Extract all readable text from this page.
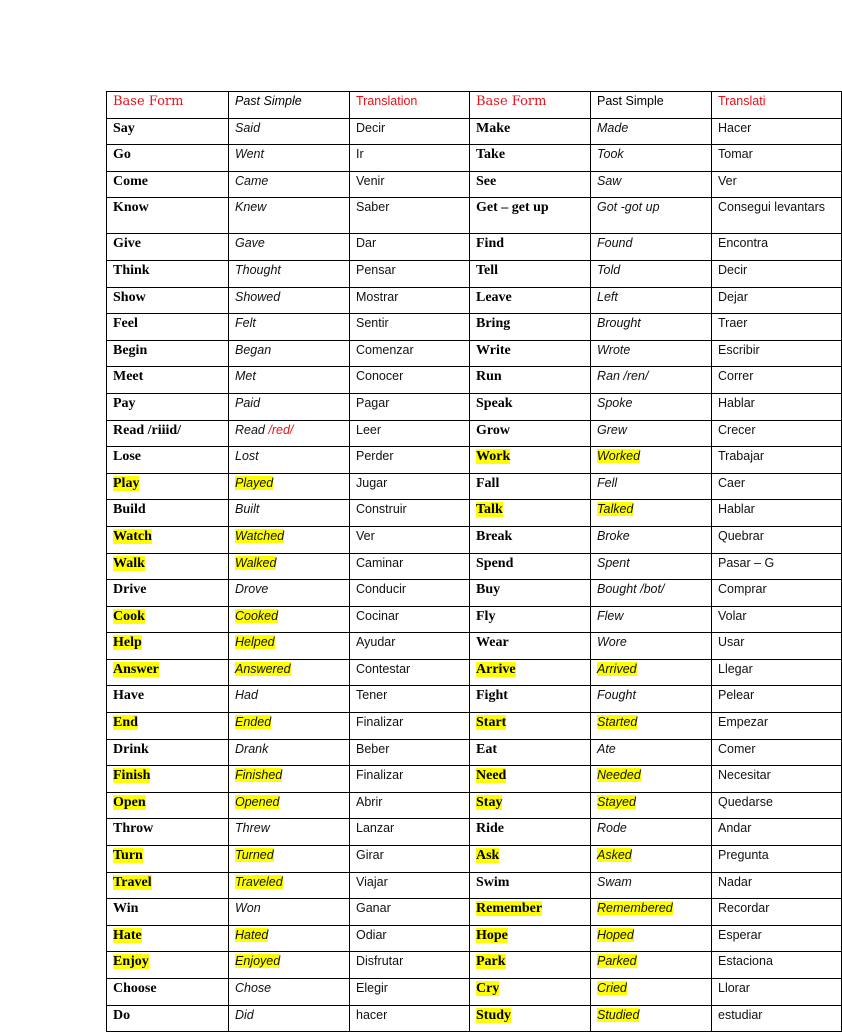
Base Form	Past Simple	Translation	Base Form	Past Simple	Translati
Say	Said	Decir	Make	Made	Hacer
Go	Went	Ir	Take	Took	Tomar
Come	Came	Venir	See	Saw	Ver
Know	Knew	Saber	Get – get up	Got -got up	Consegui levantars
Give	Gave	Dar	Find	Found	Encontra
Think	Thought	Pensar	Tell	Told	Decir
Show	Showed	Mostrar	Leave	Left	Dejar
Feel	Felt	Sentir	Bring	Brought	Traer
Begin	Began	Comenzar	Write	Wrote	Escribir
Meet	Met	Conocer	Run	Ran /ren/	Correr
Pay	Paid	Pagar	Speak	Spoke	Hablar
Read /riiid/	Read /red/	Leer	Grow	Grew	Crecer
Lose	Lost	Perder	Work	Worked	Trabajar
Play	Played	Jugar	Fall	Fell	Caer
Build	Built	Construir	Talk	Talked	Hablar
Watch	Watched	Ver	Break	Broke	Quebrar
Walk	Walked	Caminar	Spend	Spent	Pasar – G
Drive	Drove	Conducir	Buy	Bought /bot/	Comprar
Cook	Cooked	Cocinar	Fly	Flew	Volar
Help	Helped	Ayudar	Wear	Wore	Usar
Answer	Answered	Contestar	Arrive	Arrived	Llegar
Have	Had	Tener	Fight	Fought	Pelear
End	Ended	Finalizar	Start	Started	Empezar
Drink	Drank	Beber	Eat	Ate	Comer
Finish	Finished	Finalizar	Need	Needed	Necesitar
Open	Opened	Abrir	Stay	Stayed	Quedarse
Throw	Threw	Lanzar	Ride	Rode	Andar
Turn	Turned	Girar	Ask	Asked	Pregunta
Travel	Traveled	Viajar	Swim	Swam	Nadar
Win	Won	Ganar	Remember	Remembered	Recordar
Hate	Hated	Odiar	Hope	Hoped	Esperar
Enjoy	Enjoyed	Disfrutar	Park	Parked	Estaciona
Choose	Chose	Elegir	Cry	Cried	Llorar
Do	Did	hacer	Study	Studied	estudiar
